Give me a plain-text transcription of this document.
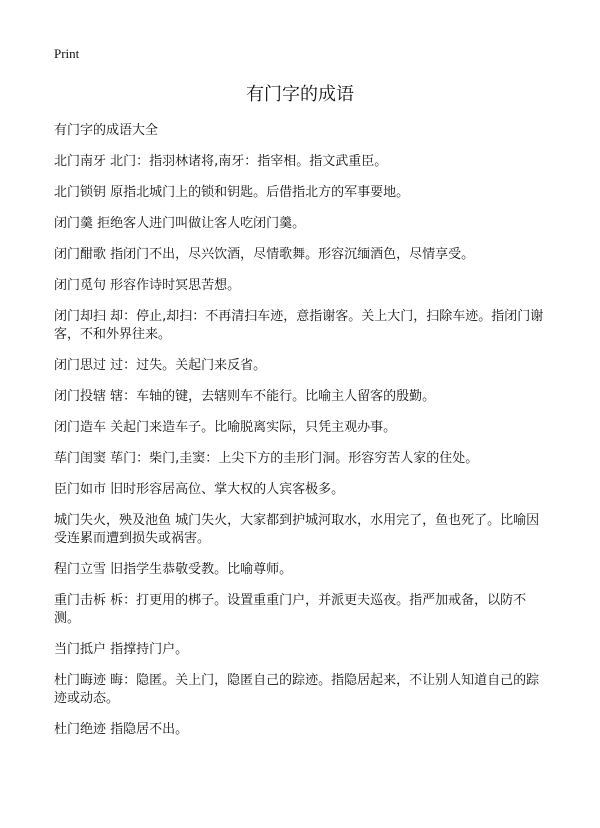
Print
有门字的成语

有门字的成语大全

北门南牙 北门：指羽林诸将,南牙：指宰相。指文武重臣。

北门锁钥 原指北城门上的锁和钥匙。后借指北方的军事要地。

闭门羹 拒绝客人进门叫做让客人吃闭门羹。

闭门酣歌 指闭门不出，尽兴饮酒，尽情歌舞。形容沉缅酒色，尽情享受。

闭门觅句 形容作诗时冥思苦想。

闭门却扫 却：停止,却扫：不再清扫车迹，意指谢客。关上大门，扫除车迹。指闭门谢客，不和外界往来。

闭门思过 过：过失。关起门来反省。

闭门投辖 辖：车轴的键，去辖则车不能行。比喻主人留客的殷勤。

闭门造车 关起门来造车子。比喻脱离实际，只凭主观办事。

荜门闺窦 荜门：柴门,圭窦：上尖下方的圭形门洞。形容穷苦人家的住处。

臣门如市 旧时形容居高位、掌大权的人宾客极多。

城门失火，殃及池鱼 城门失火，大家都到护城河取水，水用完了，鱼也死了。比喻因受连累而遭到损失或祸害。

程门立雪 旧指学生恭敬受教。比喻尊师。

重门击柝 柝：打更用的梆子。设置重重门户，并派更夫巡夜。指严加戒备，以防不测。

当门抵户 指撑持门户。

杜门晦迹 晦：隐匿。关上门，隐匿自己的踪迹。指隐居起来，不让别人知道自己的踪迹或动态。

杜门绝迹 指隐居不出。
